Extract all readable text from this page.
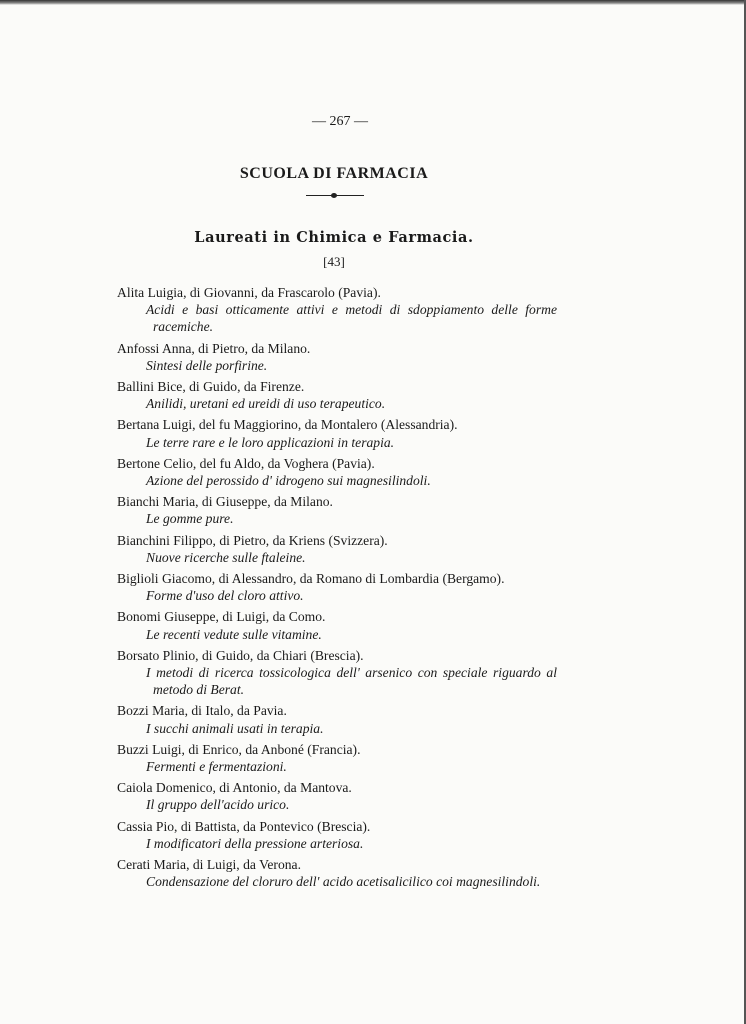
— 267 —
SCUOLA DI FARMACIA
Laureati in Chimica e Farmacia.
[43]
Alita Luigia, di Giovanni, da Frascarolo (Pavia).
Acidi e basi otticamente attivi e metodi di sdoppiamento delle forme racemiche.
Anfossi Anna, di Pietro, da Milano.
Sintesi delle porfirine.
Ballini Bice, di Guido, da Firenze.
Anilidi, uretani ed ureidi di uso terapeutico.
Bertana Luigi, del fu Maggiorino, da Montalero (Alessandria).
Le terre rare e le loro applicazioni in terapia.
Bertone Celio, del fu Aldo, da Voghera (Pavia).
Azione del perossido d' idrogeno sui magnesilindoli.
Bianchi Maria, di Giuseppe, da Milano.
Le gomme pure.
Bianchini Filippo, di Pietro, da Kriens (Svizzera).
Nuove ricerche sulle ftaleine.
Biglioli Giacomo, di Alessandro, da Romano di Lombardia (Bergamo).
Forme d'uso del cloro attivo.
Bonomi Giuseppe, di Luigi, da Como.
Le recenti vedute sulle vitamine.
Borsato Plinio, di Guido, da Chiari (Brescia).
I metodi di ricerca tossicologica dell' arsenico con speciale riguardo al metodo di Berat.
Bozzi Maria, di Italo, da Pavia.
I succhi animali usati in terapia.
Buzzi Luigi, di Enrico, da Anboné (Francia).
Fermenti e fermentazioni.
Caiola Domenico, di Antonio, da Mantova.
Il gruppo dell'acido urico.
Cassia Pio, di Battista, da Pontevico (Brescia).
I modificatori della pressione arteriosa.
Cerati Maria, di Luigi, da Verona.
Condensazione del cloruro dell' acido acetisalicilico coi magnesilindoli.
